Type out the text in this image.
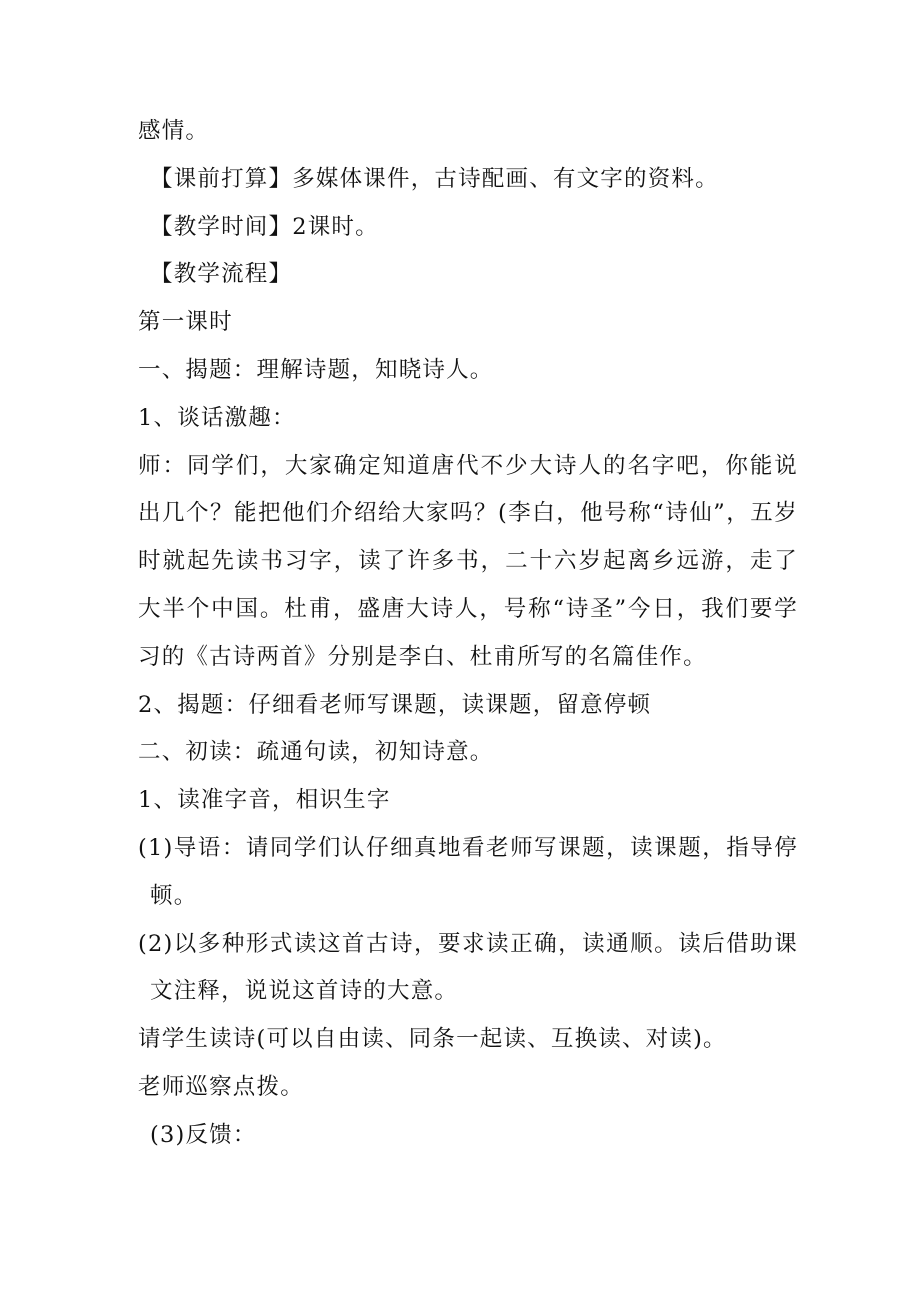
感情。
【课前打算】多媒体课件，古诗配画、有文字的资料。
【教学时间】2课时。
【教学流程】
第一课时
一、揭题：理解诗题，知晓诗人。
1、谈话激趣：
师：同学们，大家确定知道唐代不少大诗人的名字吧，你能说出几个？能把他们介绍给大家吗？(李白，他号称“诗仙”，五岁时就起先读书习字，读了许多书，二十六岁起离乡远游，走了大半个中国。杜甫，盛唐大诗人，号称“诗圣”今日，我们要学习的《古诗两首》分别是李白、杜甫所写的名篇佳作。
2、揭题：仔细看老师写课题，读课题，留意停顿
二、初读：疏通句读，初知诗意。
1、读准字音，相识生字
(1)导语：请同学们认仔细真地看老师写课题，读课题，指导停顿。
(2)以多种形式读这首古诗，要求读正确，读通顺。读后借助课文注释，说说这首诗的大意。
请学生读诗(可以自由读、同条一起读、互换读、对读)。
老师巡察点拨。
(3)反馈：
